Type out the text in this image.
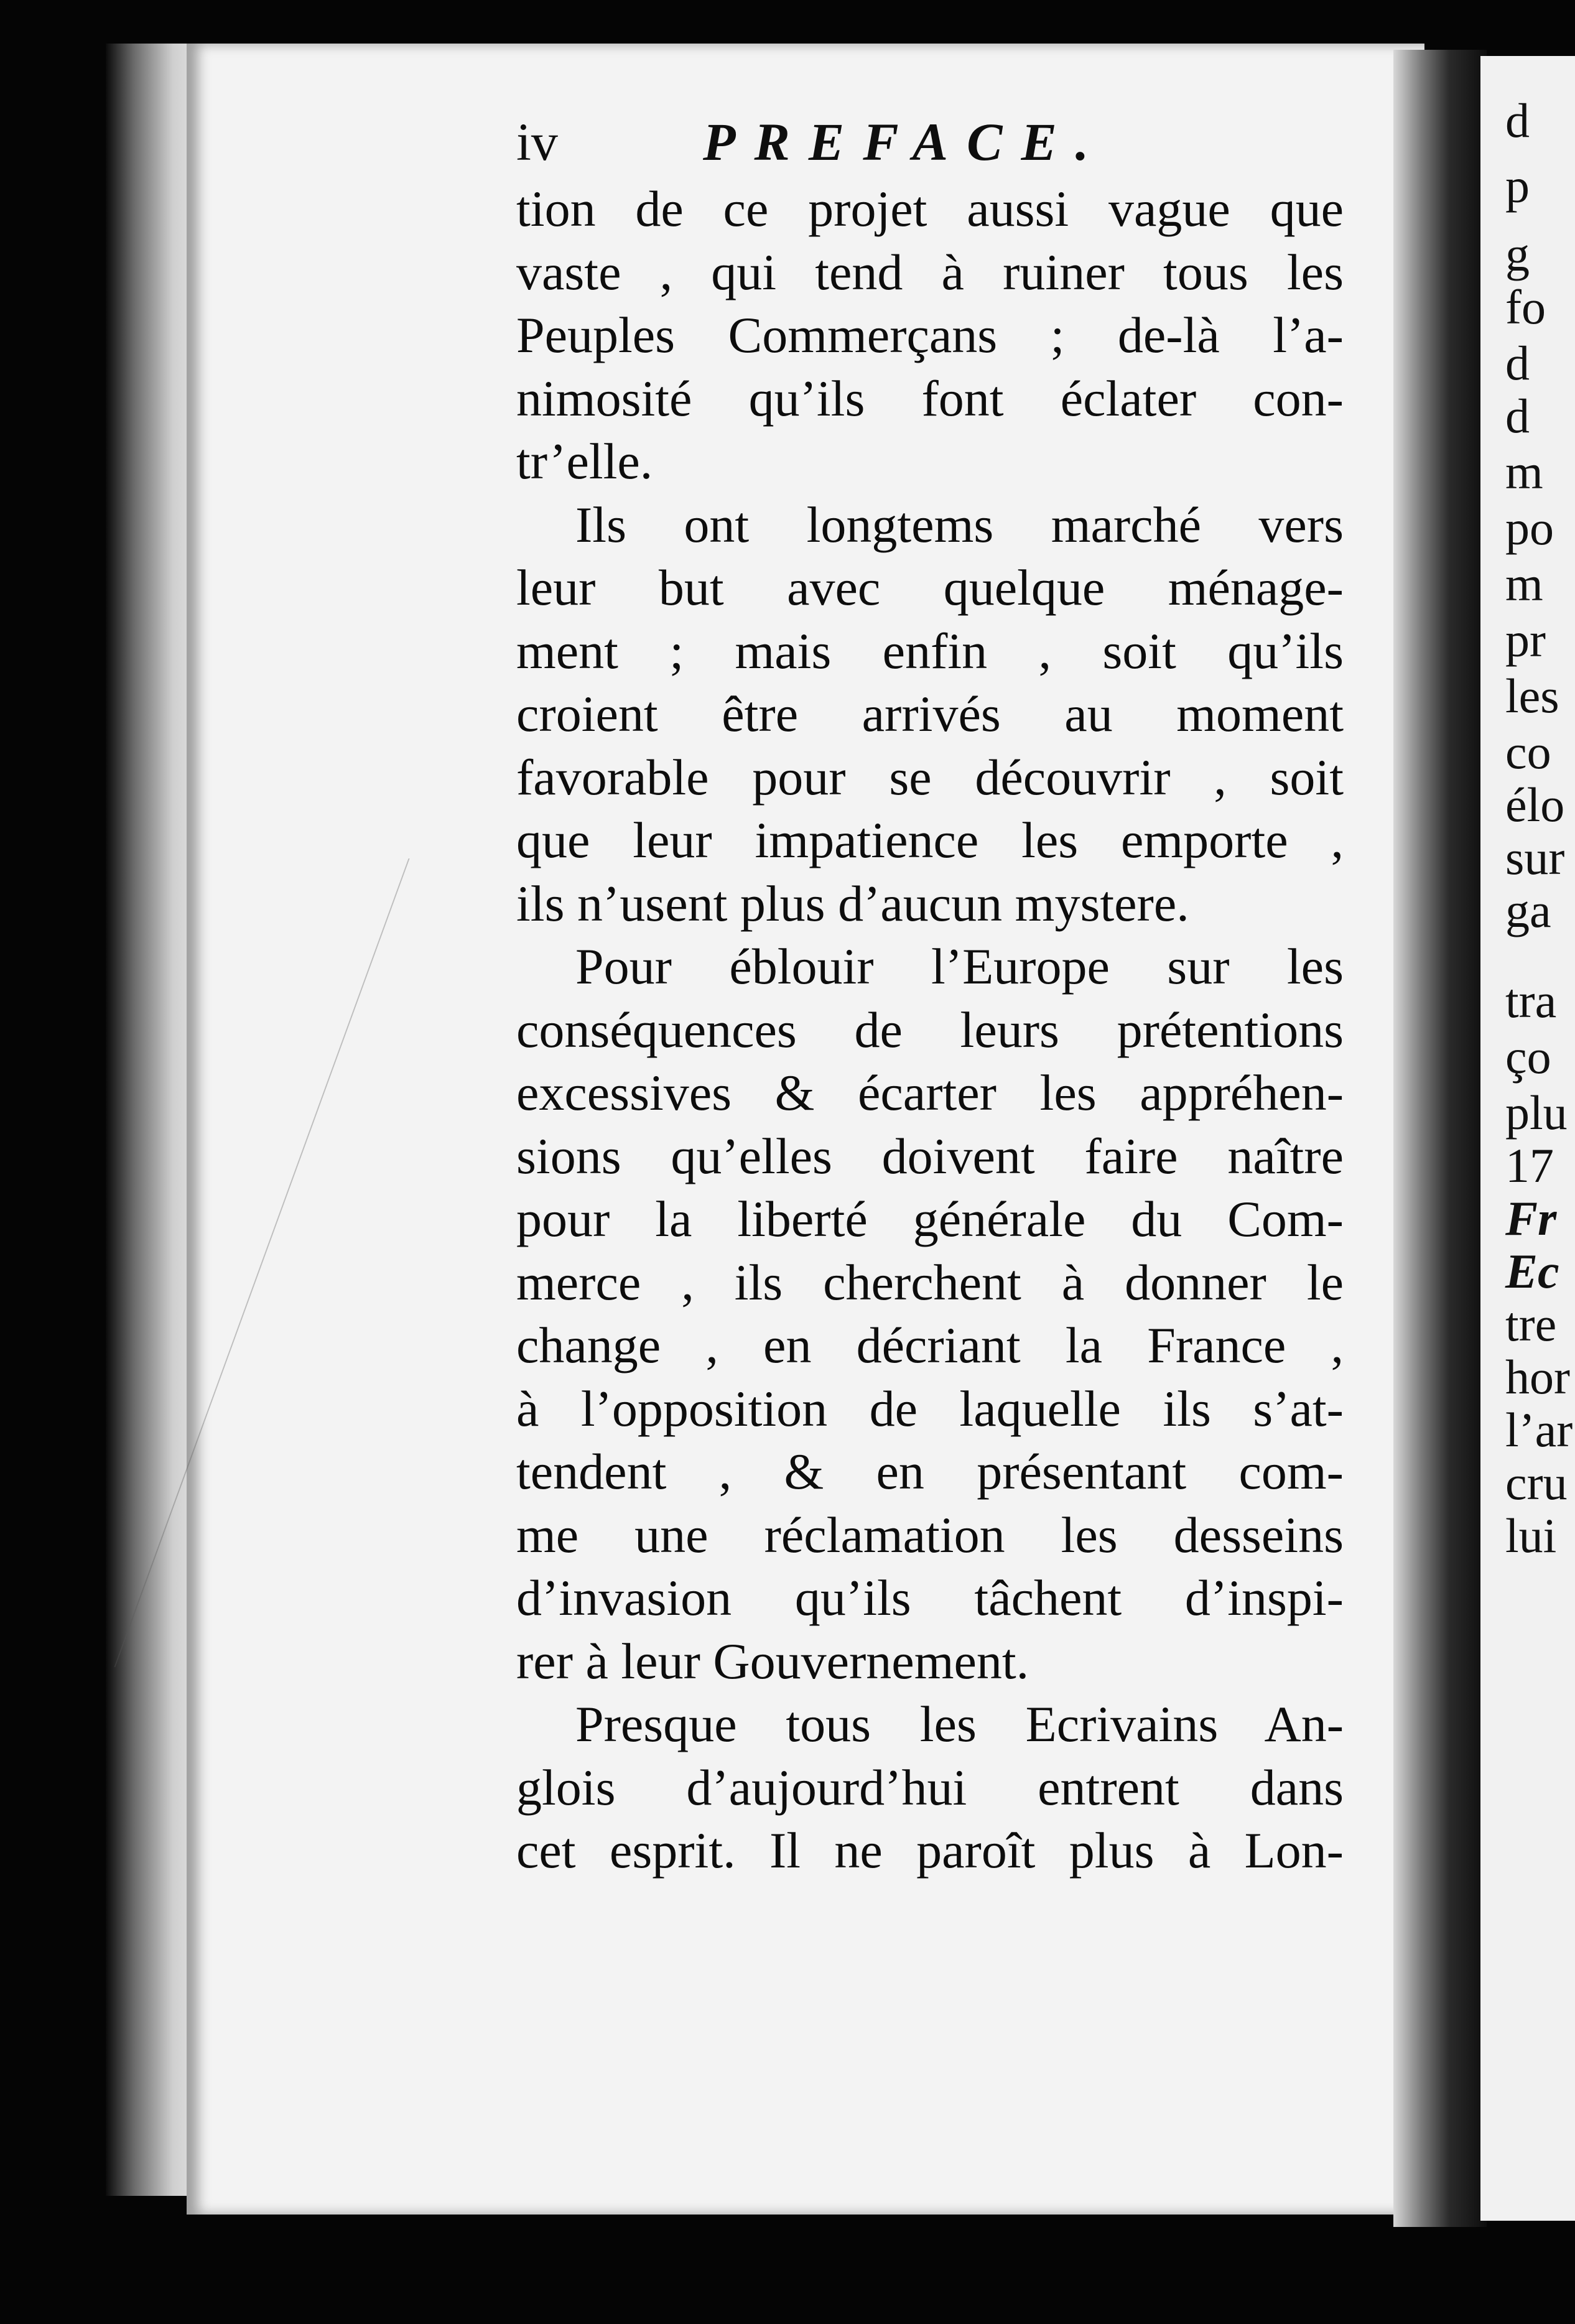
iv	PREFACE.
tion de ce projet aussi vague que
vaste , qui tend à ruiner tous les
Peuples Commerçans ; de-là l’a-
nimosité qu’ils font éclater con-
tr’elle.
Ils ont longtems marché vers
leur but avec quelque ménage-
ment ; mais enfin , soit qu’ils
croient être arrivés au moment
favorable pour se découvrir , soit
que leur impatience les emporte ,
ils n’usent plus d’aucun mystere.
Pour éblouir l’Europe sur les
conséquences de leurs prétentions
excessives & écarter les appréhen-
sions qu’elles doivent faire naître
pour la liberté générale du Com-
merce , ils cherchent à donner le
change , en décriant la France ,
à l’opposition de laquelle ils s’at-
tendent , & en présentant com-
me une réclamation les desseins
d’invasion qu’ils tâchent d’inspi-
rer à leur Gouvernement.
Presque tous les Ecrivains An-
glois d’aujourd’hui entrent dans
cet esprit. Il ne paroît plus à Lon-
d
p
g
fo
d
d
m
po
m
pr
les
co
élo
sur
ga
tra
ço
plu
17
Fr
Ec
tre
hor
l’ar
cru
lui
